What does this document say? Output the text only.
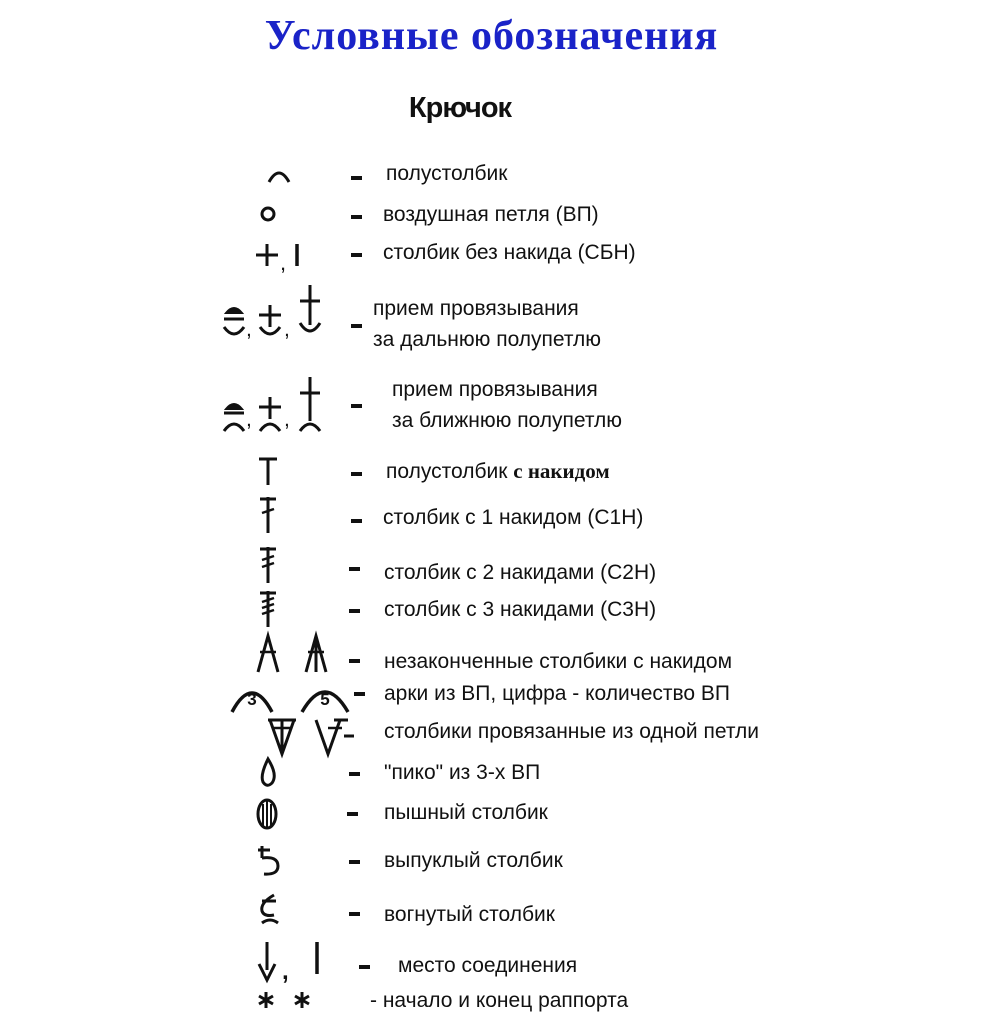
Условные обозначения
Крючок
полустолбик
воздушная петля (ВП)
,	столбик без накида (СБН)
, ,
прием провязывания
за дальнюю полупетлю
, ,
прием провязывания
за ближнюю полупетлю
полустолбик с накидом
столбик с 1 накидом (С1Н)
столбик с 2 накидами (С2Н)
столбик с 3 накидами (С3Н)
незаконченные столбики с накидом
3	5	арки из ВП, цифра - количество ВП
столбики провязанные из одной петли
"пико" из 3-х ВП
пышный столбик
выпуклый столбик
вогнутый столбик
,	место соединения
- начало и конец раппорта
